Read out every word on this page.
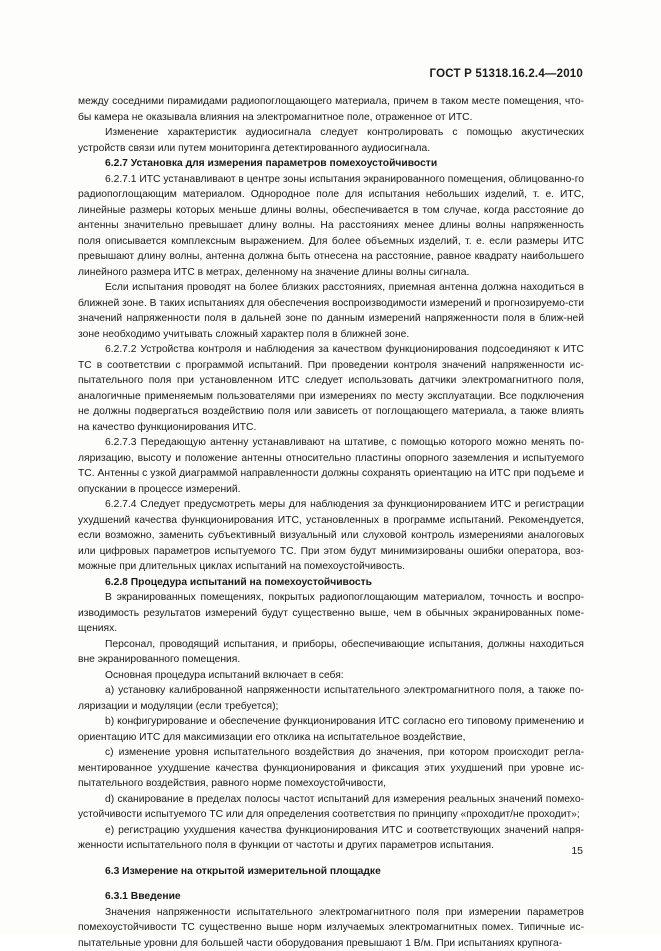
ГОСТ Р 51318.16.2.4—2010

между соседними пирамидами радиопоглощающего материала, причем в таком месте помещения, что-бы камера не оказывала влияния на электромагнитное поле, отраженное от ИТС.

Изменение характеристик аудиосигнала следует контролировать с помощью акустических устройств связи или путем мониторинга детектированного аудиосигнала.

6.2.7 Установка для измерения параметров помехоустойчивости

6.2.7.1 ИТС устанавливают в центре зоны испытания экранированного помещения, облицованно-го радиопоглощающим материалом. Однородное поле для испытания небольших изделий, т. е. ИТС, линейные размеры которых меньше длины волны, обеспечивается в том случае, когда расстояние до антенны значительно превышает длину волны. На расстояниях менее длины волны напряженность поля описывается комплексным выражением. Для более объемных изделий, т. е. если размеры ИТС превышают длину волны, антенна должна быть отнесена на расстояние, равное квадрату наибольшего линейного размера ИТС в метрах, деленному на значение длины волны сигнала.

Если испытания проводят на более близких расстояниях, приемная антенна должна находиться в ближней зоне. В таких испытаниях для обеспечения воспроизводимости измерений и прогнозируемо-сти значений напряженности поля в дальней зоне по данным измерений напряженности поля в ближ-ней зоне необходимо учитывать сложный характер поля в ближней зоне.

6.2.7.2 Устройства контроля и наблюдения за качеством функционирования подсоединяют к ИТС ТС в соответствии с программой испытаний. При проведении контроля значений напряженности ис-пытательного поля при установленном ИТС следует использовать датчики электромагнитного поля, аналогичные применяемым пользователями при измерениях по месту эксплуатации. Все подключения не должны подвергаться воздействию поля или зависеть от поглощающего материала, а также влиять на качество функционирования ИТС.

6.2.7.3 Передающую антенну устанавливают на штативе, с помощью которого можно менять по-ляризацию, высоту и положение антенны относительно пластины опорного заземления и испытуемого ТС. Антенны с узкой диаграммой направленности должны сохранять ориентацию на ИТС при подъеме и опускании в процессе измерений.

6.2.7.4 Следует предусмотреть меры для наблюдения за функционированием ИТС и регистрации ухудшений качества функционирования ИТС, установленных в программе испытаний. Рекомендуется, если возможно, заменить субъективный визуальный или слуховой контроль измерениями аналоговых или цифровых параметров испытуемого ТС. При этом будут минимизированы ошибки оператора, воз-можные при длительных циклах испытаний на помехоустойчивость.

6.2.8 Процедура испытаний на помехоустойчивость

В экранированных помещениях, покрытых радиопоглощающим материалом, точность и воспро-изводимость результатов измерений будут существенно выше, чем в обычных экранированных поме-щениях.

Персонал, проводящий испытания, и приборы, обеспечивающие испытания, должны находиться вне экранированного помещения.

Основная процедура испытаний включает в себя:

а) установку калиброванной напряженности испытательного электромагнитного поля, а также по-ляризации и модуляции (если требуется);

b) конфигурирование и обеспечение функционирования ИТС согласно его типовому применению и ориентацию ИТС для максимизации его отклика на испытательное воздействие,

c) изменение уровня испытательного воздействия до значения, при котором происходит регла-ментированное ухудшение качества функционирования и фиксация этих ухудшений при уровне ис-пытательного воздействия, равного норме помехоустойчивости,

d) сканирование в пределах полосы частот испытаний для измерения реальных значений помехо-устойчивости испытуемого ТС или для определения соответствия по принципу «проходит/не проходит»;

e) регистрацию ухудшения качества функционирования ИТС и соответствующих значений напря-женности испытательного поля в функции от частоты и других параметров испытания.

6.3 Измерение на открытой измерительной площадке

6.3.1 Введение

Значения напряженности испытательного электромагнитного поля при измерении параметров помехоустойчивости ТС существенно выше норм излучаемых электромагнитных помех. Типичные ис-пытательные уровни для большей части оборудования превышают 1 В/м. При испытаниях крупнога-

15
